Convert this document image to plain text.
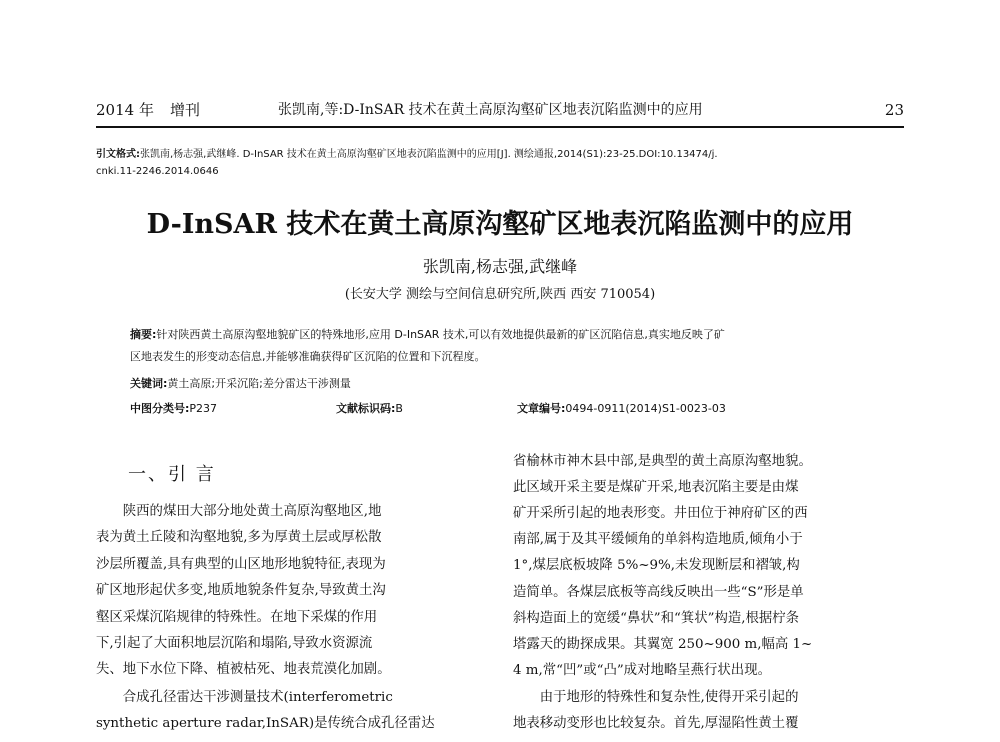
2014 年 增刊	张凯南,等:D-InSAR 技术在黄土高原沟壑矿区地表沉陷监测中的应用	23
引文格式:张凯南,杨志强,武继峰. D-InSAR 技术在黄土高原沟壑矿区地表沉陷监测中的应用[J]. 测绘通报,2014(S1):23-25.DOI:10.13474/j.
cnki.11-2246.2014.0646
D-InSAR 技术在黄土高原沟壑矿区地表沉陷监测中的应用
张凯南,杨志强,武继峰
(长安大学 测绘与空间信息研究所,陕西 西安 710054)
摘要:针对陕西黄土高原沟壑地貌矿区的特殊地形,应用 D-InSAR 技术,可以有效地提供最新的矿区沉陷信息,真实地反映了矿
区地表发生的形变动态信息,并能够准确获得矿区沉陷的位置和下沉程度。
关键词:黄土高原;开采沉陷;差分雷达干涉测量
中图分类号:P237	文献标识码:B	文章编号:0494-0911(2014)S1-0023-03
一、引 言
　　陕西的煤田大部分地处黄土高原沟壑地区,地
表为黄土丘陵和沟壑地貌,多为厚黄土层或厚松散
沙层所覆盖,具有典型的山区地形地貌特征,表现为
矿区地形起伏多变,地质地貌条件复杂,导致黄土沟
壑区采煤沉陷规律的特殊性。在地下采煤的作用
下,引起了大面积地层沉陷和塌陷,导致水资源流
失、地下水位下降、植被枯死、地表荒漠化加剧。
　　合成孔径雷达干涉测量技术(interferometric
synthetic aperture radar,InSAR)是传统合成孔径雷达
省榆林市神木县中部,是典型的黄土高原沟壑地貌。
此区域开采主要是煤矿开采,地表沉陷主要是由煤
矿开采所引起的地表形变。井田位于神府矿区的西
南部,属于及其平缓倾角的单斜构造地质,倾角小于
1°,煤层底板坡降 5%~9%,未发现断层和褶皱,构
造简单。各煤层底板等高线反映出一些“S”形是单
斜构造面上的宽缓“鼻状”和“箕状”构造,根据柠条
塔露天的勘探成果。其翼宽 250~900 m,幅高 1~
4 m,常“凹”或“凸”成对地略呈燕行状出现。
　　由于地形的特殊性和复杂性,使得开采引起的
地表移动变形也比较复杂。首先,厚湿陷性黄土覆
